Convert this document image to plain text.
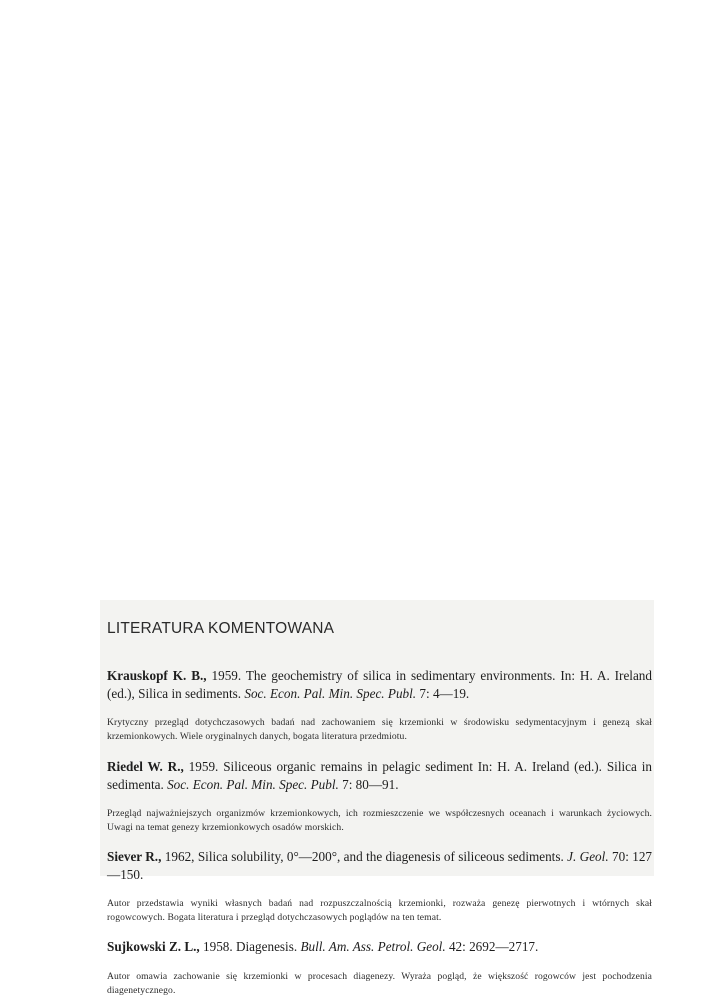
LITERATURA KOMENTOWANA

Krauskopf K. B., 1959. The geochemistry of silica in sedimentary environments. In: H. A. Ireland (ed.), Silica in sediments. Soc. Econ. Pal. Min. Spec. Publ. 7: 4—19.

Krytyczny przegląd dotychczasowych badań nad zachowaniem się krzemionki w środowisku sedymentacyjnym i genezą skał krzemionkowych. Wiele oryginalnych danych, bogata literatura przedmiotu.

Riedel W. R., 1959. Siliceous organic remains in pelagic sediment In: H. A. Ireland (ed.). Silica in sedimenta. Soc. Econ. Pal. Min. Spec. Publ. 7: 80—91.

Przegląd najważniejszych organizmów krzemionkowych, ich rozmieszczenie we współczesnych oceanach i warunkach życiowych. Uwagi na temat genezy krzemionkowych osadów morskich.

Siever R., 1962, Silica solubility, 0°—200°, and the diagenesis of siliceous sediments. J. Geol. 70: 127—150.

Autor przedstawia wyniki własnych badań nad rozpuszczalnością krzemionki, rozważa genezę pierwotnych i wtórnych skał rogowcowych. Bogata literatura i przegląd dotychczasowych poglądów na ten temat.

Sujkowski Z. L., 1958. Diagenesis. Bull. Am. Ass. Petrol. Geol. 42: 2692—2717.

Autor omawia zachowanie się krzemionki w procesach diagenezy. Wyraża pogląd, że większość rogowców jest pochodzenia diagenetycznego.
